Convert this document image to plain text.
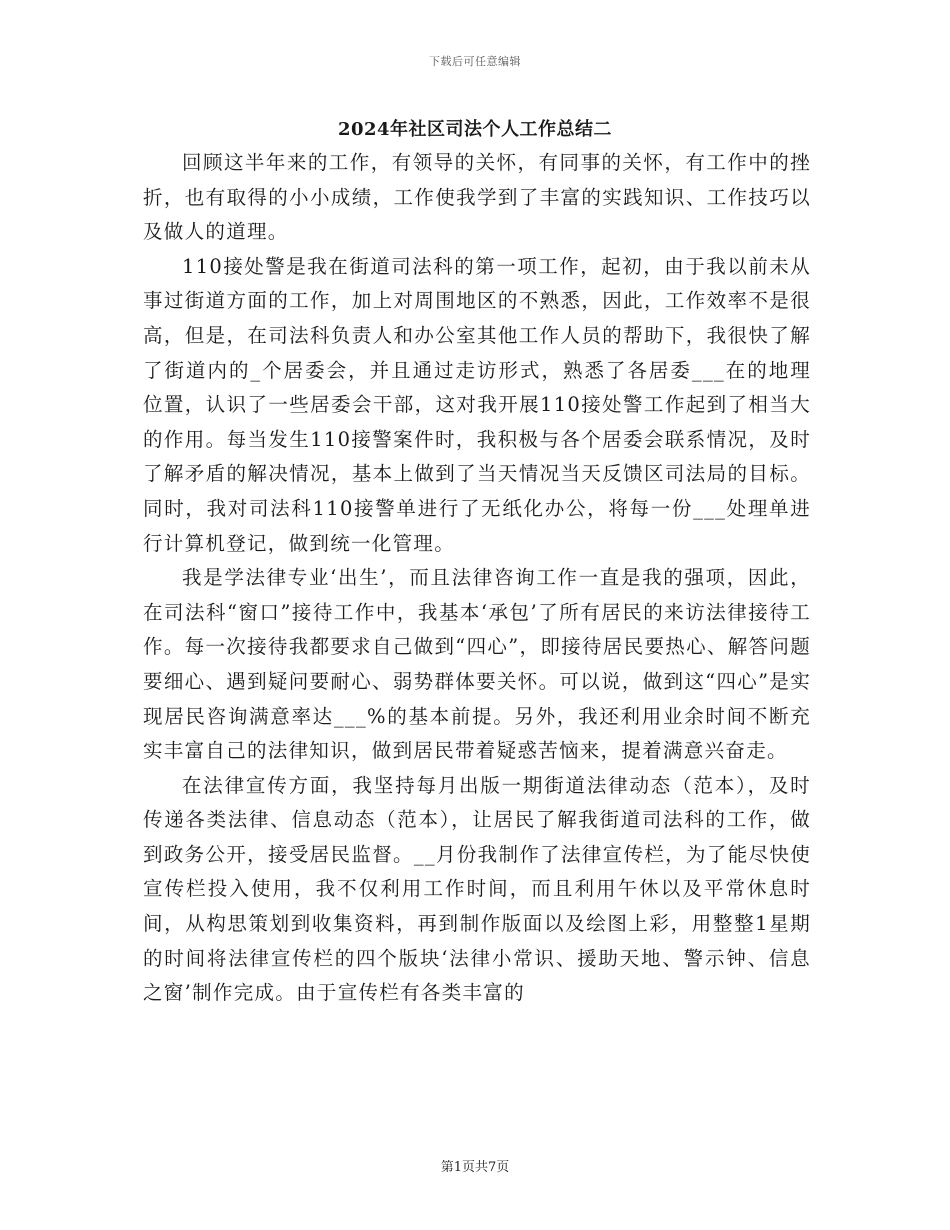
下载后可任意编辑
2024年社区司法个人工作总结二

回顾这半年来的工作，有领导的关怀，有同事的关怀，有工作中的挫折，也有取得的小小成绩，工作使我学到了丰富的实践知识、工作技巧以及做人的道理。

110接处警是我在街道司法科的第一项工作，起初，由于我以前未从事过街道方面的工作，加上对周围地区的不熟悉，因此，工作效率不是很高，但是，在司法科负责人和办公室其他工作人员的帮助下，我很快了解了街道内的_个居委会，并且通过走访形式，熟悉了各居委___在的地理位置，认识了一些居委会干部，这对我开展110接处警工作起到了相当大的作用。每当发生110接警案件时，我积极与各个居委会联系情况，及时了解矛盾的解决情况，基本上做到了当天情况当天反馈区司法局的目标。同时，我对司法科110接警单进行了无纸化办公，将每一份___处理单进行计算机登记，做到统一化管理。

我是学法律专业‘出生’，而且法律咨询工作一直是我的强项，因此，在司法科“窗口”接待工作中，我基本‘承包’了所有居民的来访法律接待工作。每一次接待我都要求自己做到“四心”，即接待居民要热心、解答问题要细心、遇到疑问要耐心、弱势群体要关怀。可以说，做到这“四心”是实现居民咨询满意率达___%的基本前提。另外，我还利用业余时间不断充实丰富自己的法律知识，做到居民带着疑惑苦恼来，提着满意兴奋走。

在法律宣传方面，我坚持每月出版一期街道法律动态（范本），及时传递各类法律、信息动态（范本），让居民了解我街道司法科的工作，做到政务公开，接受居民监督。__月份我制作了法律宣传栏，为了能尽快使宣传栏投入使用，我不仅利用工作时间，而且利用午休以及平常休息时间，从构思策划到收集资料，再到制作版面以及绘图上彩，用整整1星期的时间将法律宣传栏的四个版块‘法律小常识、援助天地、警示钟、信息之窗’制作完成。由于宣传栏有各类丰富的

第1页共7页
